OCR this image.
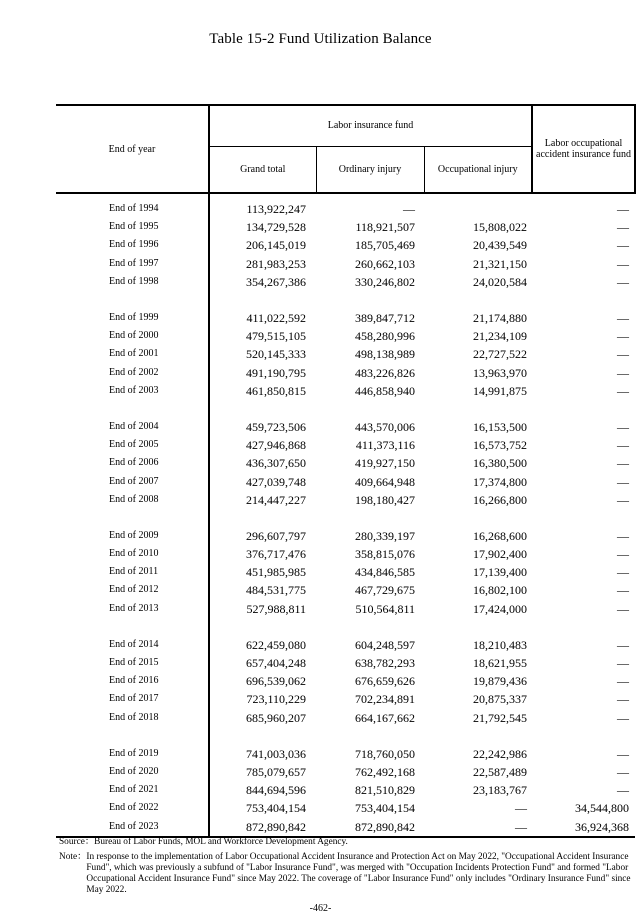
Table 15-2 Fund Utilization Balance
End of year	Labor insurance fund			Labor occupational accident insurance fund
	Grand total	Ordinary injury	Occupational injury	
End of 1994	113,922,247	—		—
End of 1995	134,729,528	118,921,507	15,808,022	—
End of 1996	206,145,019	185,705,469	20,439,549	—
End of 1997	281,983,253	260,662,103	21,321,150	—
End of 1998	354,267,386	330,246,802	24,020,584	—

End of 1999	411,022,592	389,847,712	21,174,880	—
End of 2000	479,515,105	458,280,996	21,234,109	—
End of 2001	520,145,333	498,138,989	22,727,522	—
End of 2002	491,190,795	483,226,826	13,963,970	—
End of 2003	461,850,815	446,858,940	14,991,875	—

End of 2004	459,723,506	443,570,006	16,153,500	—
End of 2005	427,946,868	411,373,116	16,573,752	—
End of 2006	436,307,650	419,927,150	16,380,500	—
End of 2007	427,039,748	409,664,948	17,374,800	—
End of 2008	214,447,227	198,180,427	16,266,800	—

End of 2009	296,607,797	280,339,197	16,268,600	—
End of 2010	376,717,476	358,815,076	17,902,400	—
End of 2011	451,985,985	434,846,585	17,139,400	—
End of 2012	484,531,775	467,729,675	16,802,100	—
End of 2013	527,988,811	510,564,811	17,424,000	—

End of 2014	622,459,080	604,248,597	18,210,483	—
End of 2015	657,404,248	638,782,293	18,621,955	—
End of 2016	696,539,062	676,659,626	19,879,436	—
End of 2017	723,110,229	702,234,891	20,875,337	—
End of 2018	685,960,207	664,167,662	21,792,545	—

End of 2019	741,003,036	718,760,050	22,242,986	—
End of 2020	785,079,657	762,492,168	22,587,489	—
End of 2021	844,694,596	821,510,829	23,183,767	—
End of 2022	753,404,154	753,404,154	—	34,544,800
End of 2023	872,890,842	872,890,842	—	36,924,368
Source： Bureau of Labor Funds, MOL and Workforce Development Agency.
Note： In response to the implementation of Labor Occupational Accident Insurance and Protection Act on May 2022, "Occupational Accident Insurance Fund", which was previously a subfund of "Labor Insurance Fund", was merged with "Occupation Incidents Protection Fund" and formed "Labor Occupational Accident Insurance Fund" since May 2022. The coverage of "Labor Insurance Fund" only includes "Ordinary Insurance Fund" since May 2022.
-462-
